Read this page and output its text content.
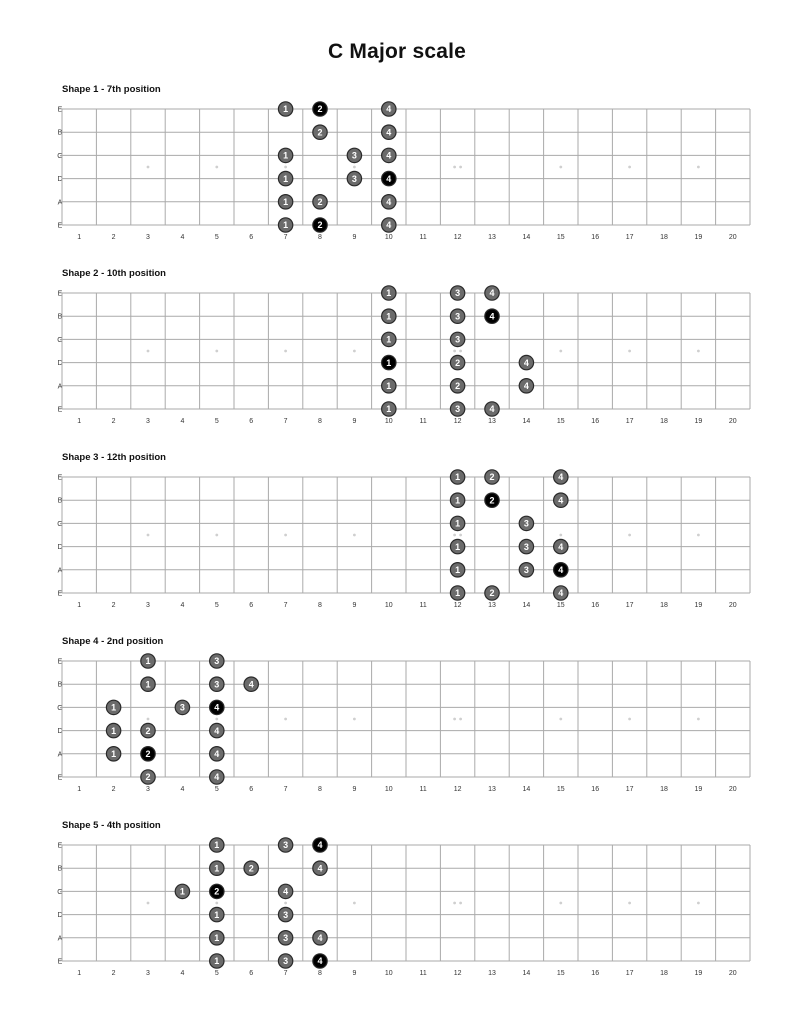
C Major scale
Shape 1 - 7th position
E
B
G
D
A
E
1	2	3	4	5	6	7	8	9	10	11	12	13	14	15	16	17	18	19	20
1	2	4
2	4
1	3	4
1	3	4
1	2	4
1	2	4
Shape 2 - 10th position
E
B
G
D
A
E
1	2	3	4	5	6	7	8	9	10	11	12	13	14	15	16	17	18	19	20
1	3	4
1	3	4
1	3
1	2	4
1	2	4
1	3	4
Shape 3 - 12th position
E
B
G
D
A
E
1	2	3	4	5	6	7	8	9	10	11	12	13	14	15	16	17	18	19	20
1	2	4
1	2	4
1	3
1	3	4
1	3	4
1	2	4
Shape 4 - 2nd position
E
B
G
D
A
E
1	2	3	4	5	6	7	8	9	10	11	12	13	14	15	16	17	18	19	20
1	3
1	3	4
1	3	4
1	2	4
1	2	4
2	4
Shape 5 - 4th position
E
B
G
D
A
E
1	2	3	4	5	6	7	8	9	10	11	12	13	14	15	16	17	18	19	20
1	3	4
1	2	4
1	2	4
1	3
1	3	4
1	3	4
